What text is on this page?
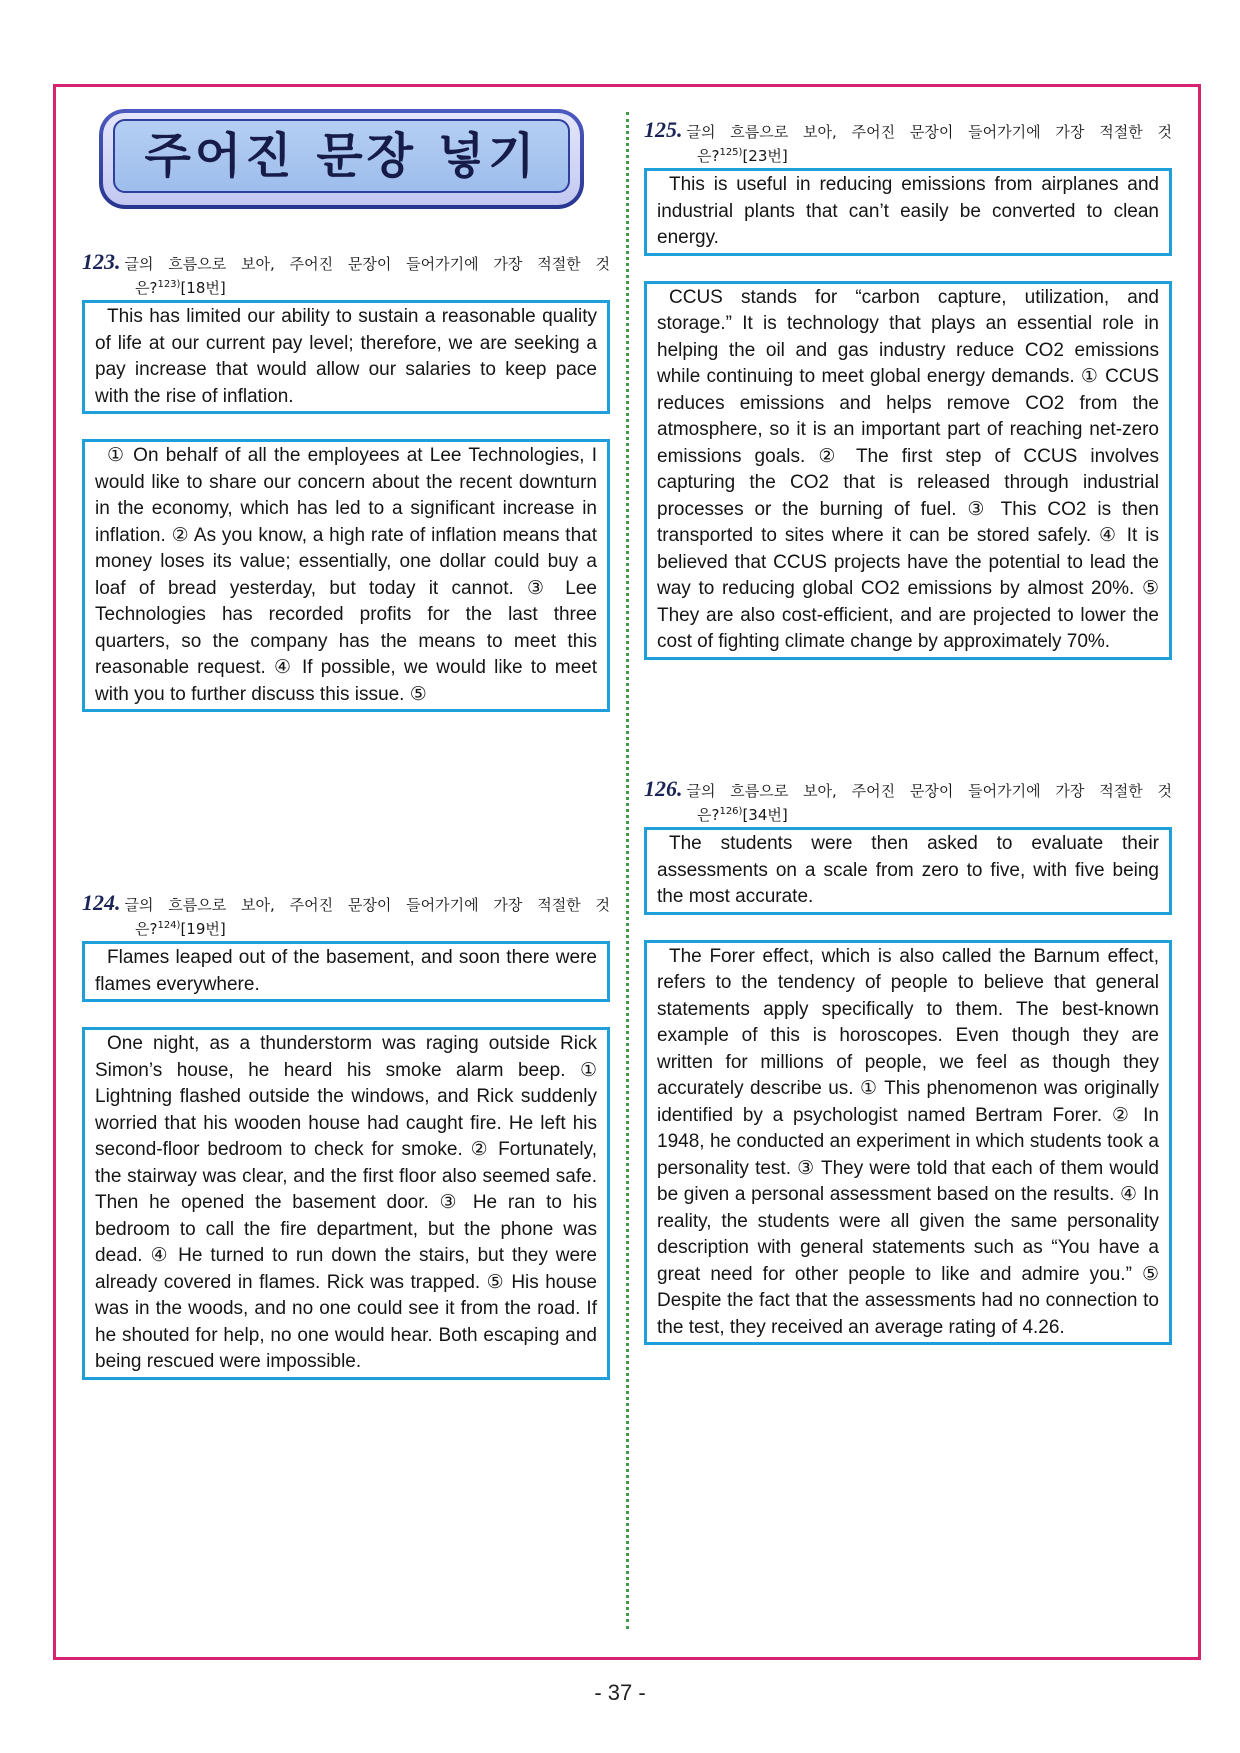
주어진 문장 넣기
123. 글의 흐름으로 보아, 주어진 문장이 들어가기에 가장 적절한 것
은?$^{123)}$[18번]
This has limited our ability to sustain a reasonable quality of life at our current pay level; therefore, we are seeking a pay increase that would allow our salaries to keep pace with the rise of inflation.
① On behalf of all the employees at Lee Technologies, I would like to share our concern about the recent downturn in the economy, which has led to a significant increase in inflation. ② As you know, a high rate of inflation means that money loses its value; essentially, one dollar could buy a loaf of bread yesterday, but today it cannot. ③ Lee Technologies has recorded profits for the last three quarters, so the company has the means to meet this reasonable request. ④ If possible, we would like to meet with you to further discuss this issue. ⑤
124. 글의 흐름으로 보아, 주어진 문장이 들어가기에 가장 적절한 것
은?$^{124)}$[19번]
Flames leaped out of the basement, and soon there were flames everywhere.
One night, as a thunderstorm was raging outside Rick Simon’s house, he heard his smoke alarm beep. ① Lightning flashed outside the windows, and Rick suddenly worried that his wooden house had caught fire. He left his second-floor bedroom to check for smoke. ② Fortunately, the stairway was clear, and the first floor also seemed safe. Then he opened the basement door. ③ He ran to his bedroom to call the fire department, but the phone was dead. ④ He turned to run down the stairs, but they were already covered in flames. Rick was trapped. ⑤ His house was in the woods, and no one could see it from the road. If he shouted for help, no one would hear. Both escaping and being rescued were impossible.
125. 글의 흐름으로 보아, 주어진 문장이 들어가기에 가장 적절한 것
은?$^{125)}$[23번]
This is useful in reducing emissions from airplanes and industrial plants that can’t easily be converted to clean energy.
CCUS stands for “carbon capture, utilization, and storage.” It is technology that plays an essential role in helping the oil and gas industry reduce CO2 emissions while continuing to meet global energy demands. ① CCUS reduces emissions and helps remove CO2 from the atmosphere, so it is an important part of reaching net-zero emissions goals. ② The first step of CCUS involves capturing the CO2 that is released through industrial processes or the burning of fuel. ③ This CO2 is then transported to sites where it can be stored safely. ④ It is believed that CCUS projects have the potential to lead the way to reducing global CO2 emissions by almost 20%. ⑤ They are also cost-efficient, and are projected to lower the cost of fighting climate change by approximately 70%.
126. 글의 흐름으로 보아, 주어진 문장이 들어가기에 가장 적절한 것
은?$^{126)}$[34번]
The students were then asked to evaluate their assessments on a scale from zero to five, with five being the most accurate.
The Forer effect, which is also called the Barnum effect, refers to the tendency of people to believe that general statements apply specifically to them. The best-known example of this is horoscopes. Even though they are written for millions of people, we feel as though they accurately describe us. ① This phenomenon was originally identified by a psychologist named Bertram Forer. ② In 1948, he conducted an experiment in which students took a personality test. ③ They were told that each of them would be given a personal assessment based on the results. ④ In reality, the students were all given the same personality description with general statements such as “You have a great need for other people to like and admire you.” ⑤ Despite the fact that the assessments had no connection to the test, they received an average rating of 4.26.
- 37 -
